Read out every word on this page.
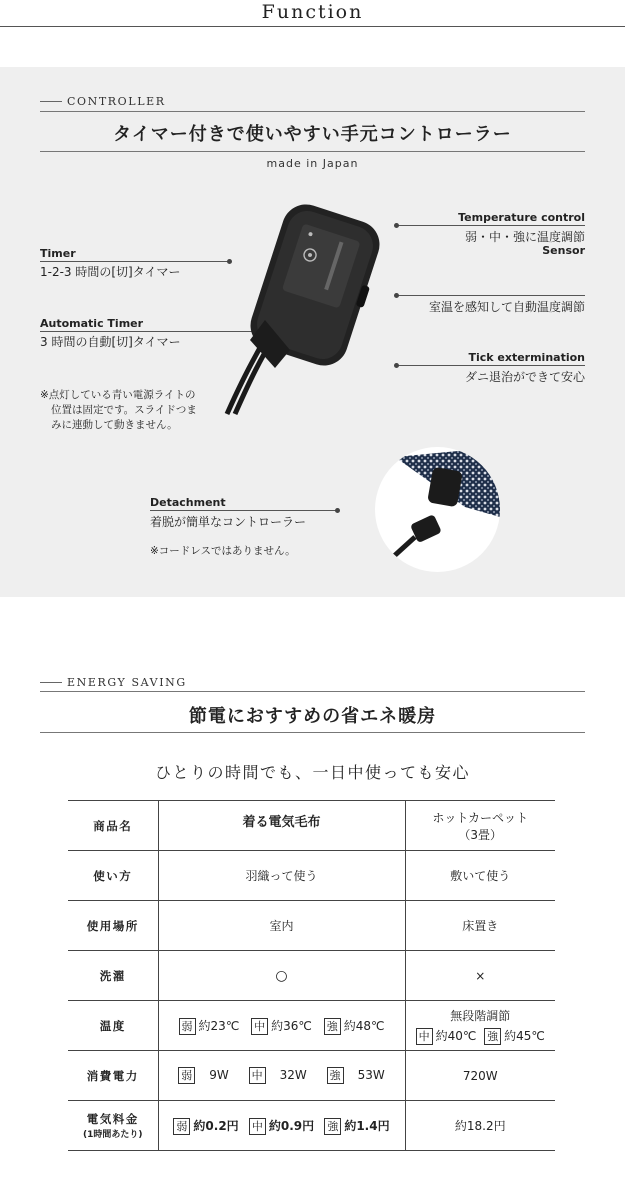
Function
CONTROLLER
タイマー付きで使いやすい手元コントローラー
made in Japan
Timer
1-2-3 時間の[切]タイマー
Automatic Timer
3 時間の自動[切]タイマー
※点灯している青い電源ライトの
位置は固定です。スライドつま
みに連動して動きません。
Temperature control
弱・中・強に温度調節
Sensor
室温を感知して自動温度調節
Tick extermination
ダニ退治ができて安心
Detachment
着脱が簡単なコントローラー
※コードレスではありません。
ENERGY SAVING
節電におすすめの省エネ暖房
ひとりの時間でも、一日中使っても安心
商品名	着る電気毛布	ホットカーペット
（3畳）

使い方	羽織って使う	敷いて使う
使用場所	室内	床置き
洗濯	○	×
温度	弱 約23℃ 中 約36℃ 強 約48℃	無段階調節
中 約40℃ 強 約45℃
消費電力	弱 9W 中 32W 強 53W	720W
電気料金
(1時間あたり)	弱 約0.2円 中 約0.9円 強 約1.4円	約18.2円
